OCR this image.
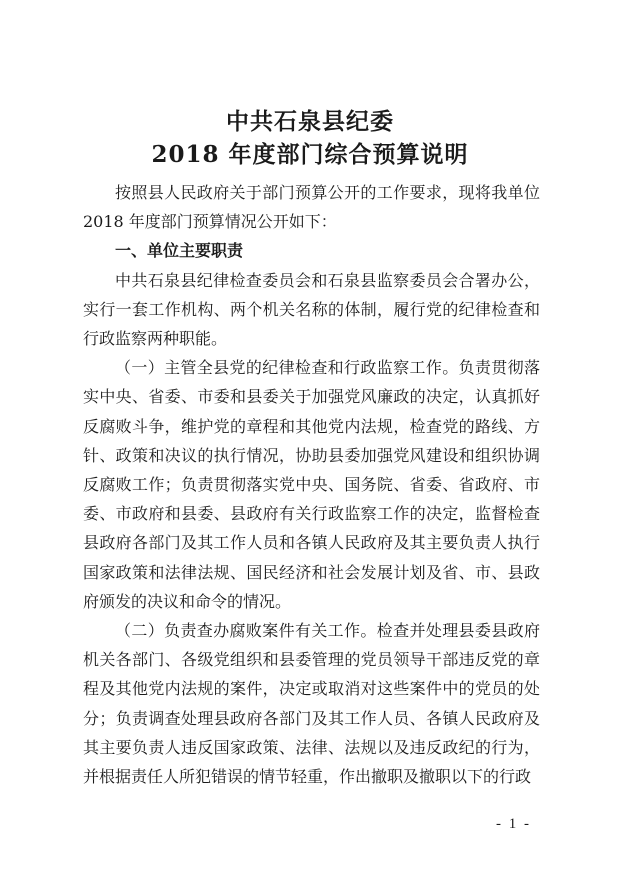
中共石泉县纪委
2018 年度部门综合预算说明

按照县人民政府关于部门预算公开的工作要求，现将我单位2018 年度部门预算情况公开如下：

一、单位主要职责

中共石泉县纪律检查委员会和石泉县监察委员会合署办公，实行一套工作机构、两个机关名称的体制，履行党的纪律检查和行政监察两种职能。

（一）主管全县党的纪律检查和行政监察工作。负责贯彻落实中央、省委、市委和县委关于加强党风廉政的决定，认真抓好反腐败斗争，维护党的章程和其他党内法规，检查党的路线、方针、政策和决议的执行情况，协助县委加强党风建设和组织协调反腐败工作；负责贯彻落实党中央、国务院、省委、省政府、市委、市政府和县委、县政府有关行政监察工作的决定，监督检查县政府各部门及其工作人员和各镇人民政府及其主要负责人执行国家政策和法律法规、国民经济和社会发展计划及省、市、县政府颁发的决议和命令的情况。

（二）负责查办腐败案件有关工作。检查并处理县委县政府机关各部门、各级党组织和县委管理的党员领导干部违反党的章程及其他党内法规的案件，决定或取消对这些案件中的党员的处分；负责调查处理县政府各部门及其工作人员、各镇人民政府及其主要负责人违反国家政策、法律、法规以及违反政纪的行为，并根据责任人所犯错误的情节轻重，作出撤职及撤职以下的行政

- 1 -
